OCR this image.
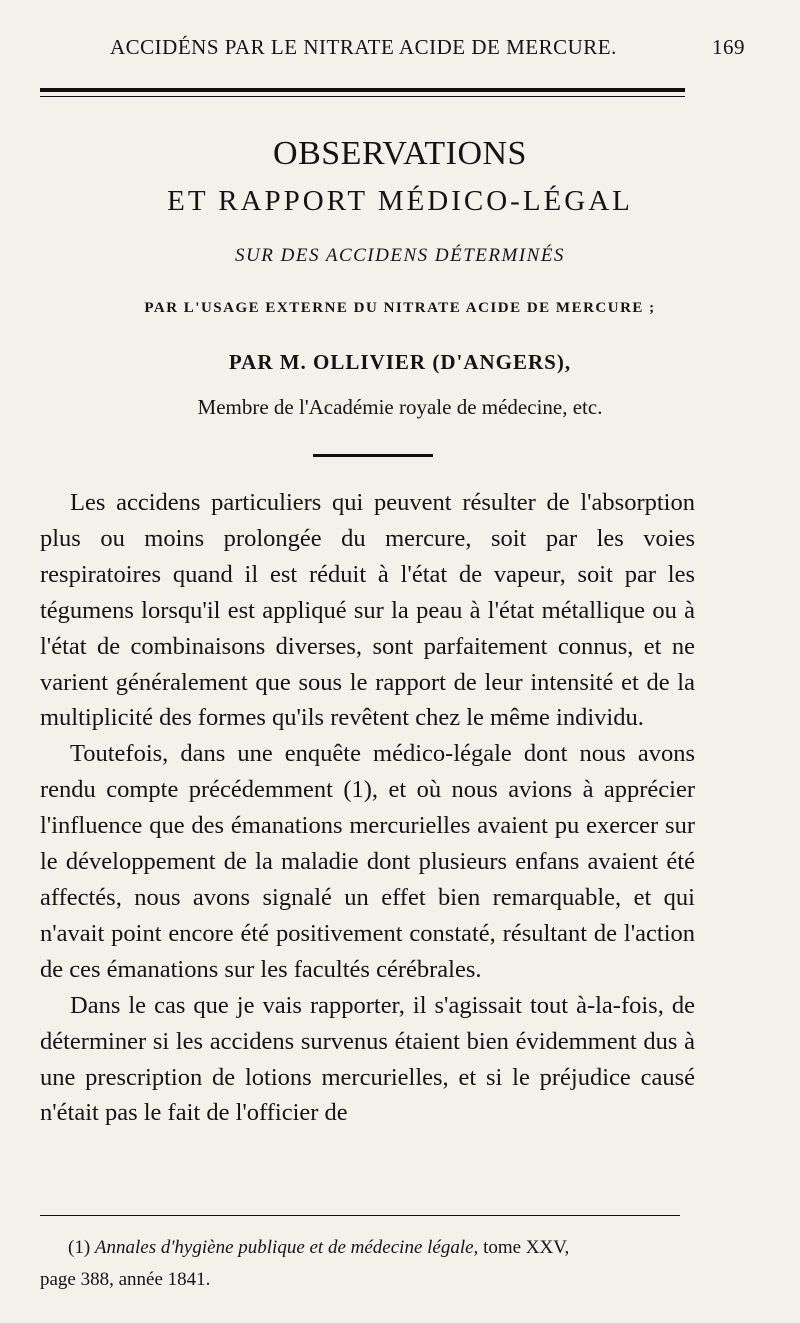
ACCIDÉNS PAR LE NITRATE ACIDE DE MERCURE.	169
OBSERVATIONS
ET RAPPORT MÉDICO-LÉGAL
SUR DES ACCIDENS DÉTERMINÉS
PAR L'USAGE EXTERNE DU NITRATE ACIDE DE MERCURE ;
PAR M. OLLIVIER (D'ANGERS),
Membre de l'Académie royale de médecine, etc.

Les accidens particuliers qui peuvent résulter de l'absorption plus ou moins prolongée du mercure, soit par les voies respiratoires quand il est réduit à l'état de vapeur, soit par les tégumens lorsqu'il est appliqué sur la peau à l'état métallique ou à l'état de combinaisons diverses, sont parfaitement connus, et ne varient généralement que sous le rapport de leur intensité et de la multiplicité des formes qu'ils revêtent chez le même individu.

Toutefois, dans une enquête médico-légale dont nous avons rendu compte précédemment (1), et où nous avions à apprécier l'influence que des émanations mercurielles avaient pu exercer sur le développement de la maladie dont plusieurs enfans avaient été affectés, nous avons signalé un effet bien remarquable, et qui n'avait point encore été positivement constaté, résultant de l'action de ces émanations sur les facultés cérébrales.

Dans le cas que je vais rapporter, il s'agissait tout à-la-fois, de déterminer si les accidens survenus étaient bien évidemment dus à une prescription de lotions mercurielles, et si le préjudice causé n'était pas le fait de l'officier de

(1) Annales d'hygiène publique et de médecine légale, tome XXV,
page 388, année 1841.
